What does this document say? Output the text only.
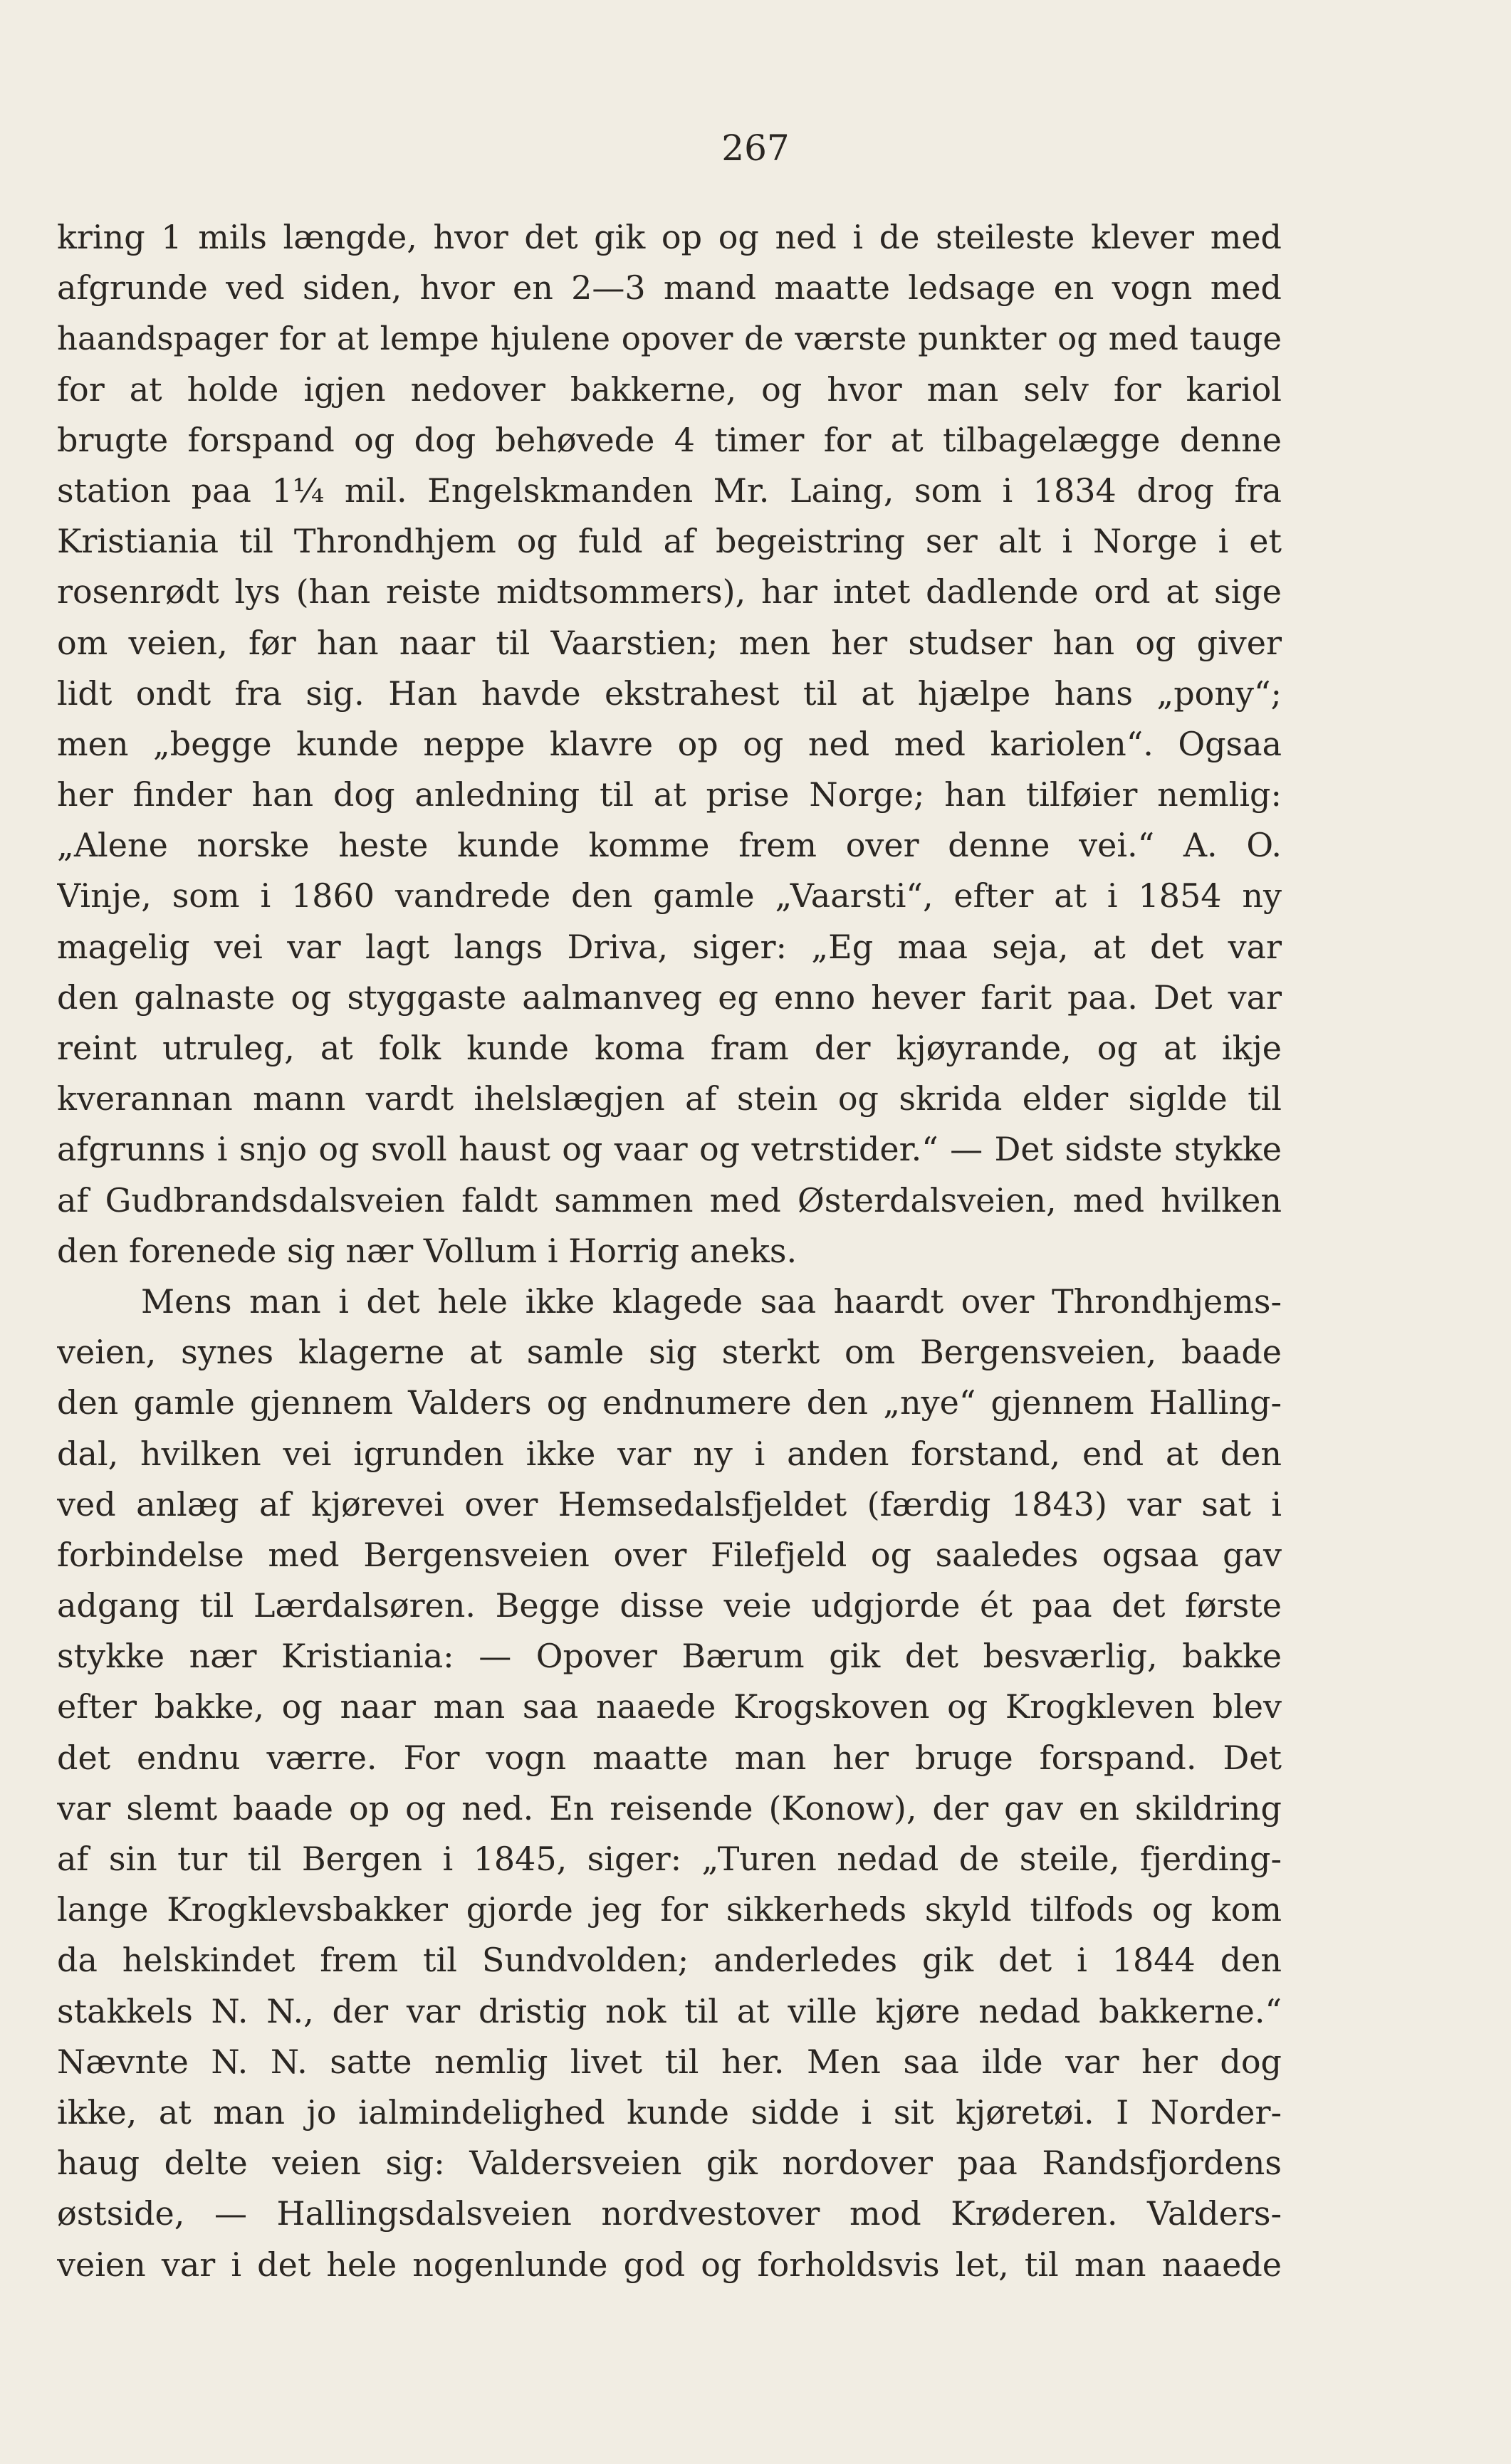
267
kring 1 mils længde, hvor det gik op og ned i de steileste klever med
afgrunde ved siden, hvor en 2—3 mand maatte ledsage en vogn med
haandspager for at lempe hjulene opover de værste punkter og med tauge
for at holde igjen nedover bakkerne, og hvor man selv for kariol
brugte forspand og dog behøvede 4 timer for at tilbagelægge denne
station paa 1¼ mil. Engelskmanden Mr. Laing, som i 1834 drog fra
Kristiania til Throndhjem og fuld af begeistring ser alt i Norge i et
rosenrødt lys (han reiste midtsommers), har intet dadlende ord at sige
om veien, før han naar til Vaarstien; men her studser han og giver
lidt ondt fra sig. Han havde ekstrahest til at hjælpe hans „pony“;
men „begge kunde neppe klavre op og ned med kariolen“. Ogsaa
her finder han dog anledning til at prise Norge; han tilføier nemlig:
„Alene norske heste kunde komme frem over denne vei.“ A. O.
Vinje, som i 1860 vandrede den gamle „Vaarsti“, efter at i 1854 ny
magelig vei var lagt langs Driva, siger: „Eg maa seja, at det var
den galnaste og styggaste aalmanveg eg enno hever farit paa. Det var
reint utruleg, at folk kunde koma fram der kjøyrande, og at ikje
kverannan mann vardt ihelslægjen af stein og skrida elder siglde til
afgrunns i snjo og svoll haust og vaar og vetrstider.“ — Det sidste stykke
af Gudbrandsdalsveien faldt sammen med Østerdalsveien, med hvilken
den forenede sig nær Vollum i Horrig aneks.
Mens man i det hele ikke klagede saa haardt over Throndhjems-
veien, synes klagerne at samle sig sterkt om Bergensveien, baade
den gamle gjennem Valders og endnumere den „nye“ gjennem Halling-
dal, hvilken vei igrunden ikke var ny i anden forstand, end at den
ved anlæg af kjørevei over Hemsedalsfjeldet (færdig 1843) var sat i
forbindelse med Bergensveien over Filefjeld og saaledes ogsaa gav
adgang til Lærdalsøren. Begge disse veie udgjorde ét paa det første
stykke nær Kristiania: — Opover Bærum gik det besværlig, bakke
efter bakke, og naar man saa naaede Krogskoven og Krogkleven blev
det endnu værre. For vogn maatte man her bruge forspand. Det
var slemt baade op og ned. En reisende (Konow), der gav en skildring
af sin tur til Bergen i 1845, siger: „Turen nedad de steile, fjerding-
lange Krogklevsbakker gjorde jeg for sikkerheds skyld tilfods og kom
da helskindet frem til Sundvolden; anderledes gik det i 1844 den
stakkels N. N., der var dristig nok til at ville kjøre nedad bakkerne.“
Nævnte N. N. satte nemlig livet til her. Men saa ilde var her dog
ikke, at man jo ialmindelighed kunde sidde i sit kjøretøi. I Norder-
haug delte veien sig: Valdersveien gik nordover paa Randsfjordens
østside, — Hallingsdalsveien nordvestover mod Krøderen. Valders-
veien var i det hele nogenlunde god og forholdsvis let, til man naaede
